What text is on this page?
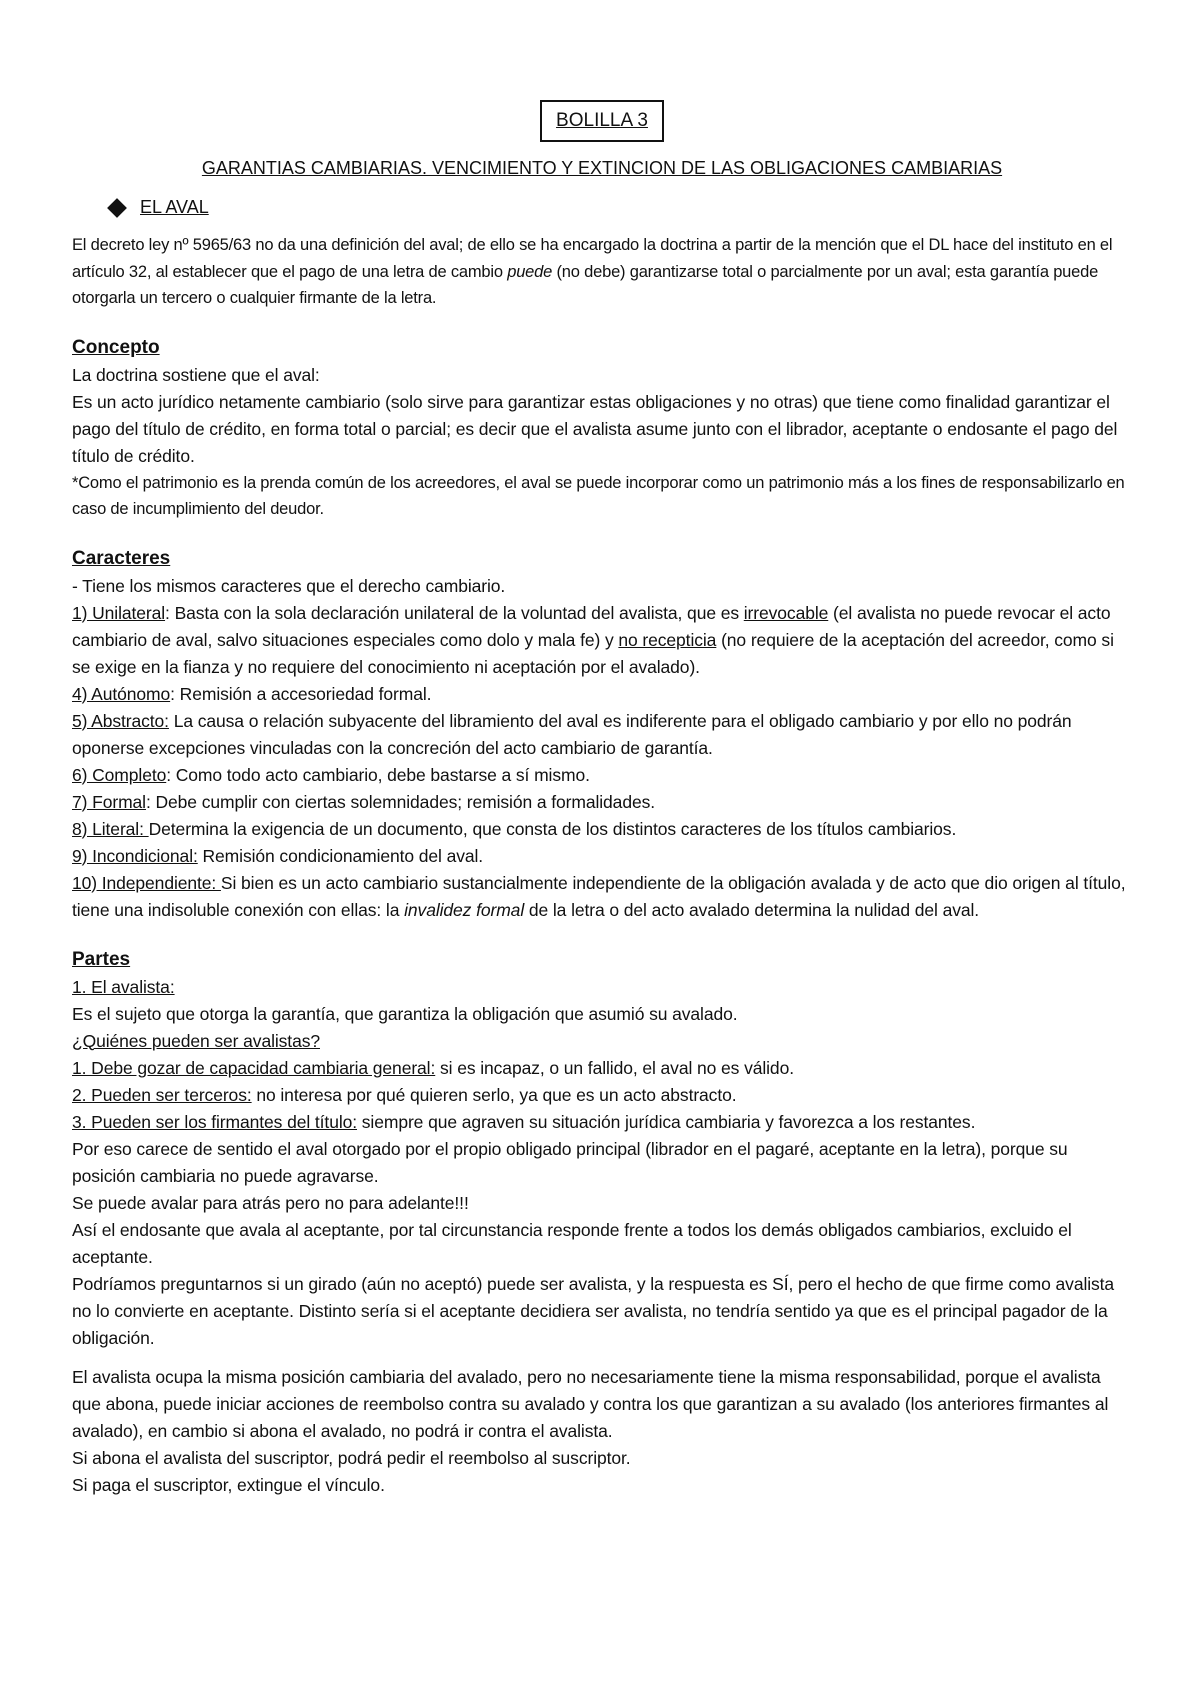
BOLILLA 3
GARANTIAS CAMBIARIAS. VENCIMIENTO Y EXTINCION DE LAS OBLIGACIONES CAMBIARIAS
EL AVAL

El decreto ley nº 5965/63 no da una definición del aval; de ello se ha encargado la doctrina a partir de la mención que el DL hace del instituto en el artículo 32, al establecer que el pago de una letra de cambio puede (no debe) garantizarse total o parcialmente por un aval; esta garantía puede otorgarla un tercero o cualquier firmante de la letra.

Concepto

La doctrina sostiene que el aval:

Es un acto jurídico netamente cambiario (solo sirve para garantizar estas obligaciones y no otras) que tiene como finalidad garantizar el pago del título de crédito, en forma total o parcial; es decir que el avalista asume junto con el librador, aceptante o endosante el pago del título de crédito.

*Como el patrimonio es la prenda común de los acreedores, el aval se puede incorporar como un patrimonio más a los fines de responsabilizarlo en caso de incumplimiento del deudor.

Caracteres

- Tiene los mismos caracteres que el derecho cambiario.

1) Unilateral: Basta con la sola declaración unilateral de la voluntad del avalista, que es irrevocable (el avalista no puede revocar el acto cambiario de aval, salvo situaciones especiales como dolo y mala fe) y no recepticia (no requiere de la aceptación del acreedor, como si se exige en la fianza y no requiere del conocimiento ni aceptación por el avalado).

4) Autónomo: Remisión a accesoriedad formal.

5) Abstracto: La causa o relación subyacente del libramiento del aval es indiferente para el obligado cambiario y por ello no podrán oponerse excepciones vinculadas con la concreción del acto cambiario de garantía.

6) Completo: Como todo acto cambiario, debe bastarse a sí mismo.

7) Formal: Debe cumplir con ciertas solemnidades; remisión a formalidades.

8) Literal: Determina la exigencia de un documento, que consta de los distintos caracteres de los títulos cambiarios.

9) Incondicional: Remisión condicionamiento del aval.

10) Independiente: Si bien es un acto cambiario sustancialmente independiente de la obligación avalada y de acto que dio origen al título, tiene una indisoluble conexión con ellas: la invalidez formal de la letra o del acto avalado determina la nulidad del aval.

Partes

1. El avalista:

Es el sujeto que otorga la garantía, que garantiza la obligación que asumió su avalado.

¿Quiénes pueden ser avalistas?

1. Debe gozar de capacidad cambiaria general: si es incapaz, o un fallido, el aval no es válido.

2. Pueden ser terceros: no interesa por qué quieren serlo, ya que es un acto abstracto.

3. Pueden ser los firmantes del título: siempre que agraven su situación jurídica cambiaria y favorezca a los restantes.

Por eso carece de sentido el aval otorgado por el propio obligado principal (librador en el pagaré, aceptante en la letra), porque su posición cambiaria no puede agravarse.

Se puede avalar para atrás pero no para adelante!!!

Así el endosante que avala al aceptante, por tal circunstancia responde frente a todos los demás obligados cambiarios, excluido el aceptante.

Podríamos preguntarnos si un girado (aún no aceptó) puede ser avalista, y la respuesta es SÍ, pero el hecho de que firme como avalista no lo convierte en aceptante. Distinto sería si el aceptante decidiera ser avalista, no tendría sentido ya que es el principal pagador de la obligación.

El avalista ocupa la misma posición cambiaria del avalado, pero no necesariamente tiene la misma responsabilidad, porque el avalista que abona, puede iniciar acciones de reembolso contra su avalado y contra los que garantizan a su avalado (los anteriores firmantes al avalado), en cambio si abona el avalado, no podrá ir contra el avalista.

Si abona el avalista del suscriptor, podrá pedir el reembolso al suscriptor.

Si paga el suscriptor, extingue el vínculo.
